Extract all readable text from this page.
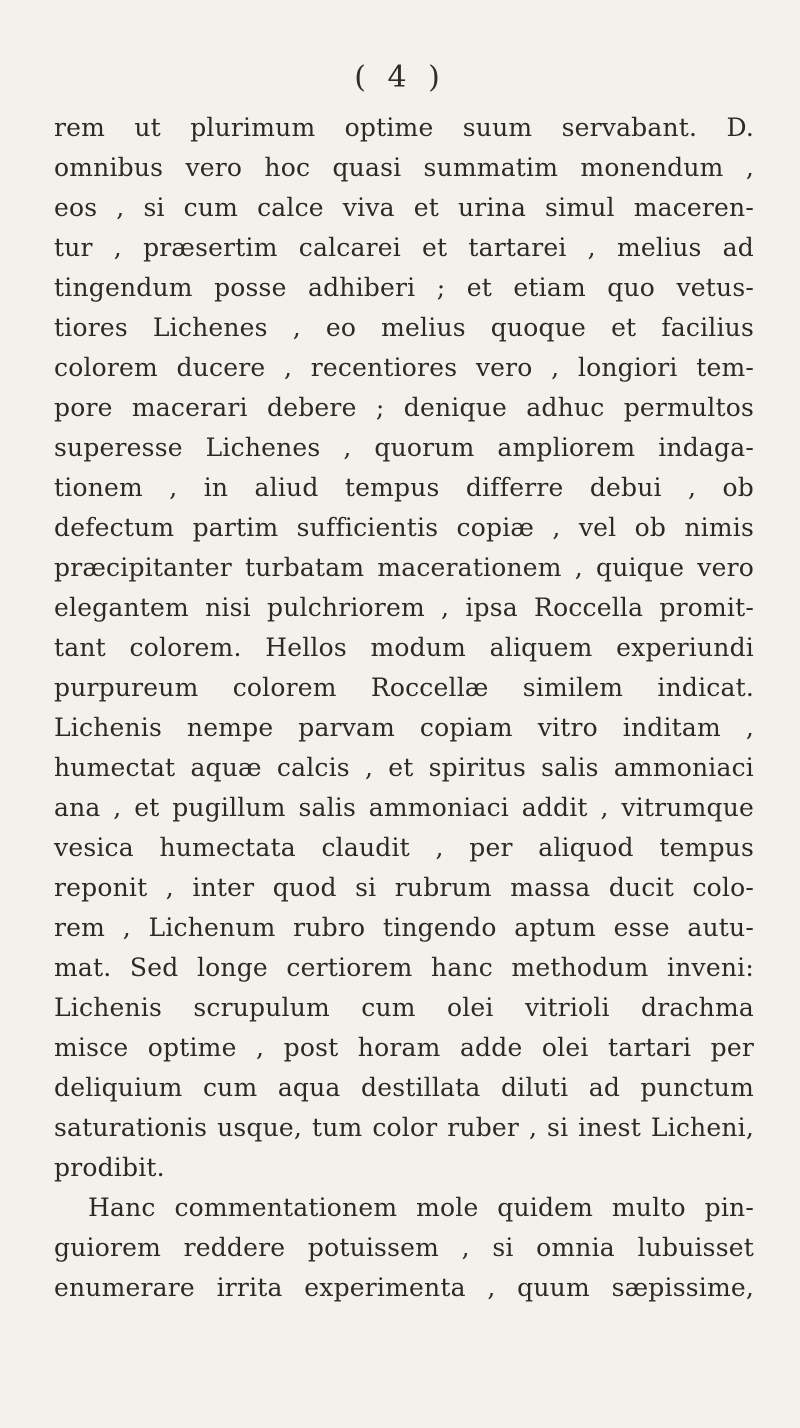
( 4 )
rem ut plurimum optime suum servabant. D.
omnibus vero hoc quasi summatim monendum ,
eos , si cum calce viva et urina simul maceren-
tur , præsertim calcarei et tartarei , melius ad
tingendum posse adhiberi ; et etiam quo vetus-
tiores Lichenes , eo melius quoque et facilius
colorem ducere , recentiores vero , longiori tem-
pore macerari debere ; denique adhuc permultos
superesse Lichenes , quorum ampliorem indaga-
tionem , in aliud tempus differre debui , ob
defectum partim sufficientis copiæ , vel ob nimis
præcipitanter turbatam macerationem , quique vero
elegantem nisi pulchriorem , ipsa Roccella promit-
tant colorem. Hellos modum aliquem experiundi
purpureum colorem Roccellæ similem indicat.
Lichenis nempe parvam copiam vitro inditam ,
humectat aquæ calcis , et spiritus salis ammoniaci
ana , et pugillum salis ammoniaci addit , vitrumque
vesica humectata claudit , per aliquod tempus
reponit , inter quod si rubrum massa ducit colo-
rem , Lichenum rubro tingendo aptum esse autu-
mat. Sed longe certiorem hanc methodum inveni:
Lichenis scrupulum cum olei vitrioli drachma
misce optime , post horam adde olei tartari per
deliquium cum aqua destillata diluti ad punctum
saturationis usque, tum color ruber , si inest Licheni,
prodibit.
Hanc commentationem mole quidem multo pin-
guiorem reddere potuissem , si omnia lubuisset
enumerare irrita experimenta , quum sæpissime,
